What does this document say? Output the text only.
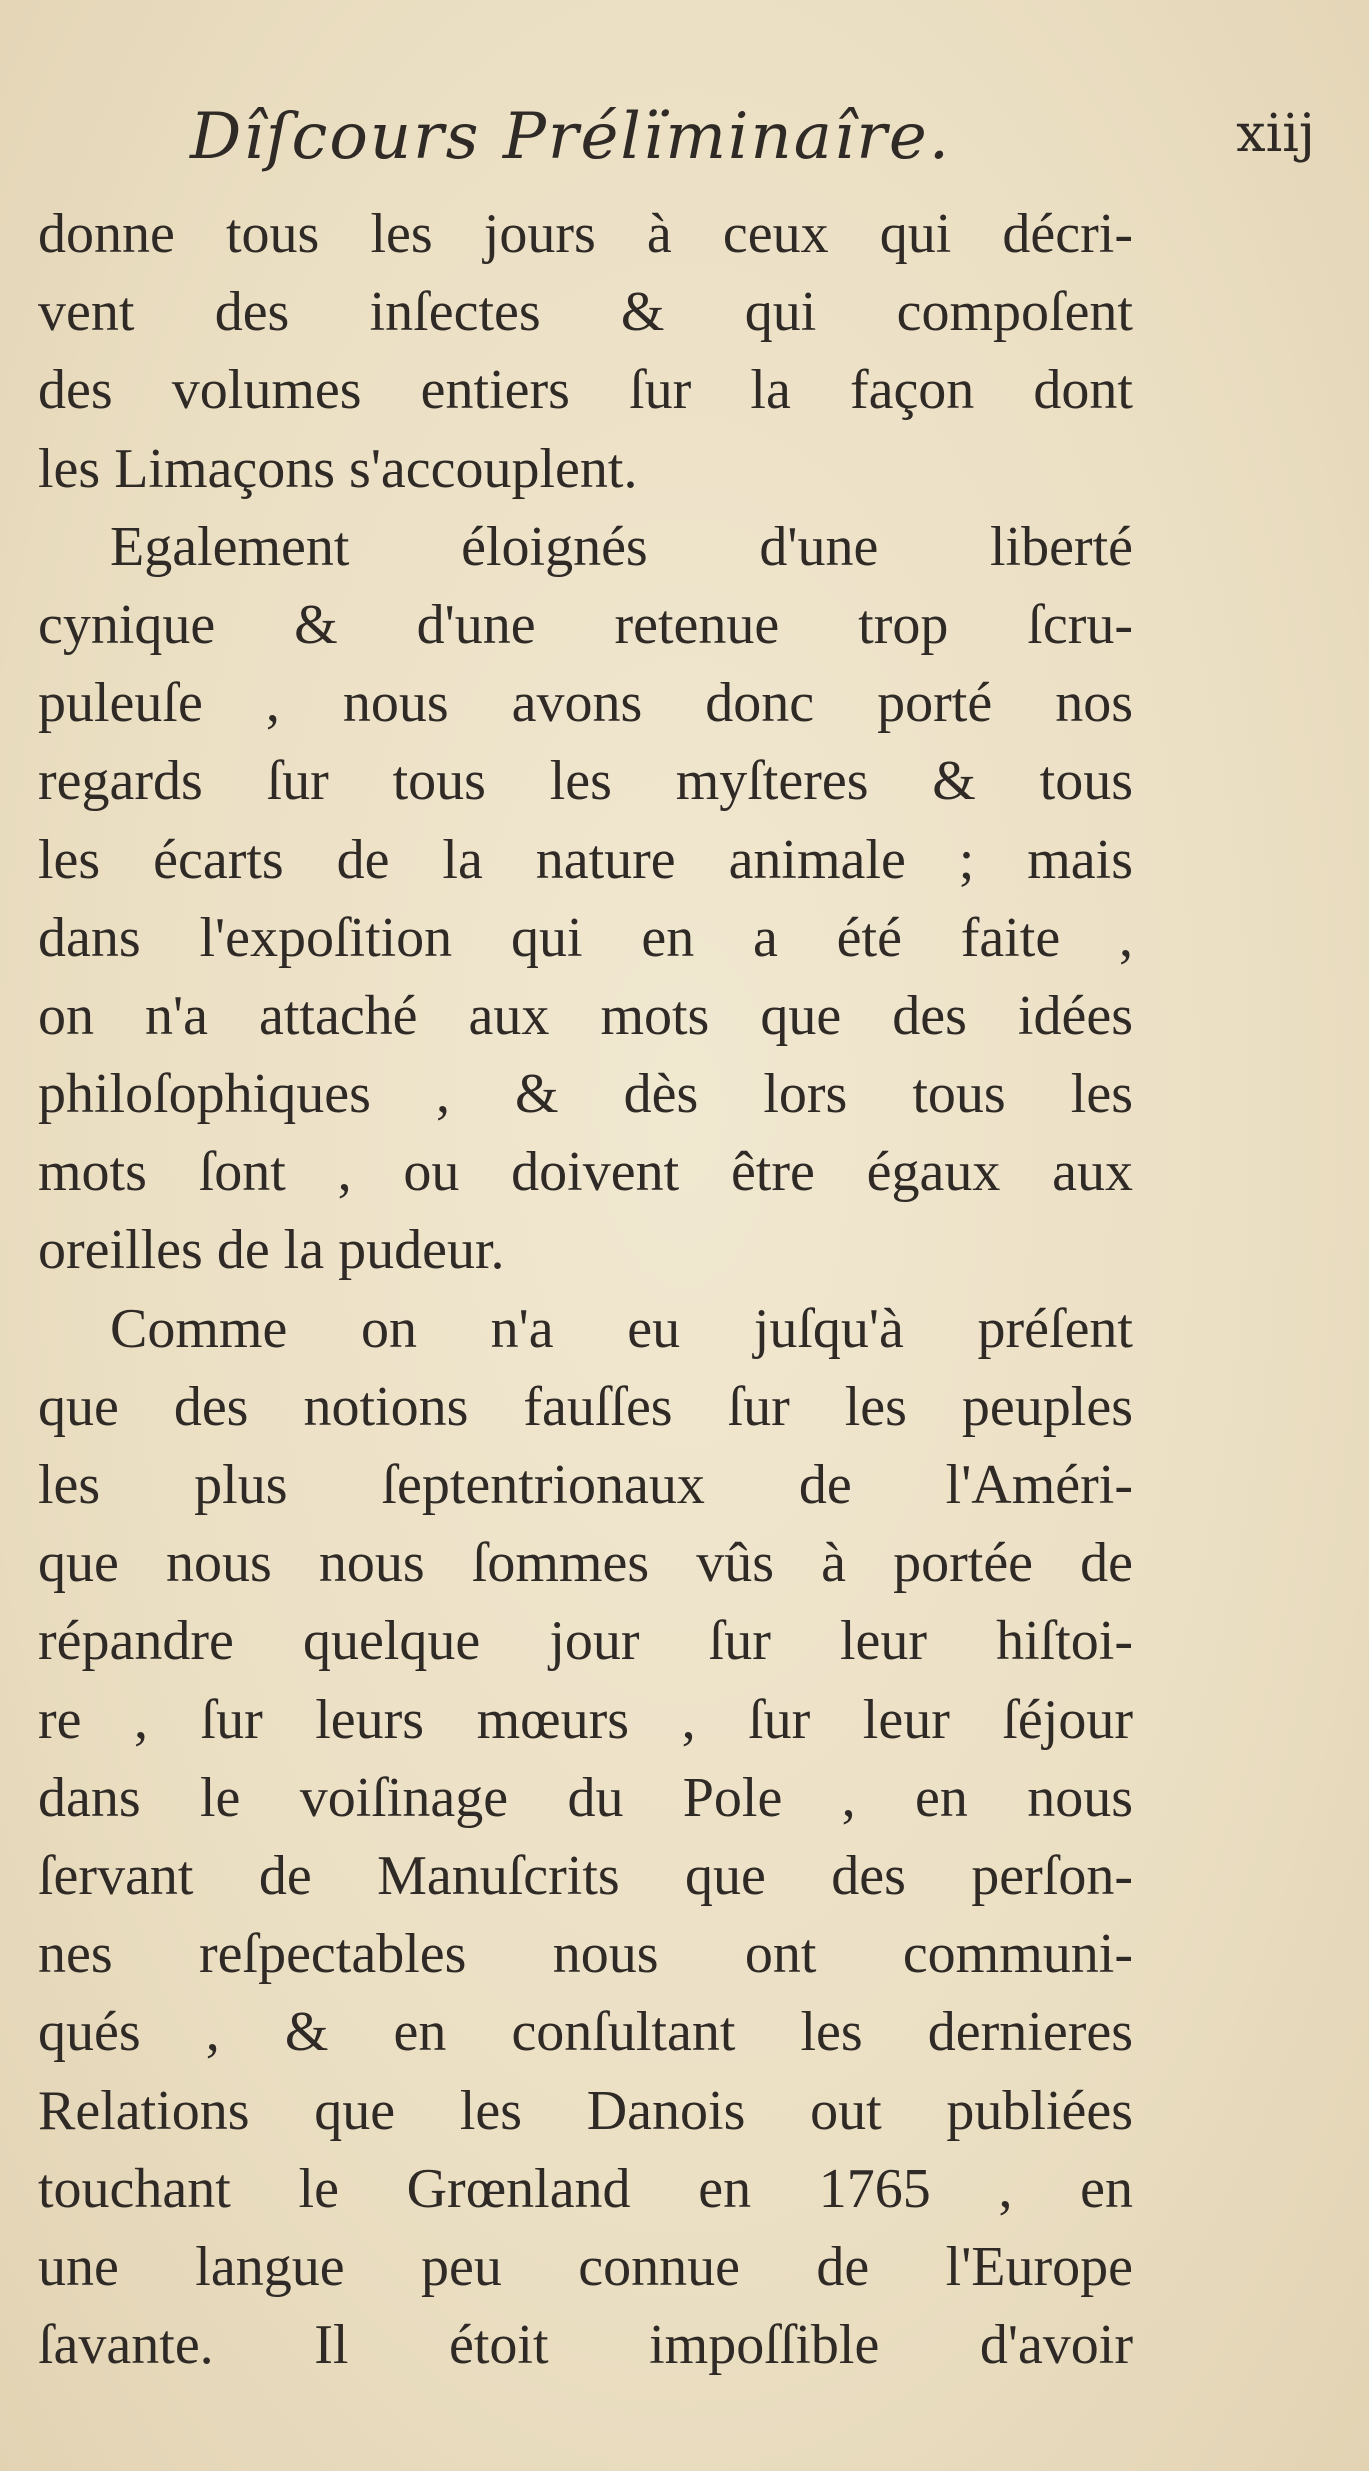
Dîſcours Prélïminaîre.	xiij
donne tous les jours à ceux qui décri-
vent des inſectes & qui compoſent
des volumes entiers ſur la façon dont
les Limaçons s'accouplent.
Egalement éloignés d'une liberté
cynique & d'une retenue trop ſcru-
puleuſe , nous avons donc porté nos
regards ſur tous les myſteres & tous
les écarts de la nature animale ; mais
dans l'expoſition qui en a été faite ,
on n'a attaché aux mots que des idées
philoſophiques , & dès lors tous les
mots ſont , ou doivent être égaux aux
oreilles de la pudeur.
Comme on n'a eu juſqu'à préſent
que des notions fauſſes ſur les peuples
les plus ſeptentrionaux de l'Améri-
que nous nous ſommes vûs à portée de
répandre quelque jour ſur leur hiſtoi-
re , ſur leurs mœurs , ſur leur ſéjour
dans le voiſinage du Pole , en nous
ſervant de Manuſcrits que des perſon-
nes reſpectables nous ont communi-
qués , & en conſultant les dernieres
Relations que les Danois out publiées
touchant le Grœnland en 1765 , en
une langue peu connue de l'Europe
ſavante. Il étoit impoſſible d'avoir
